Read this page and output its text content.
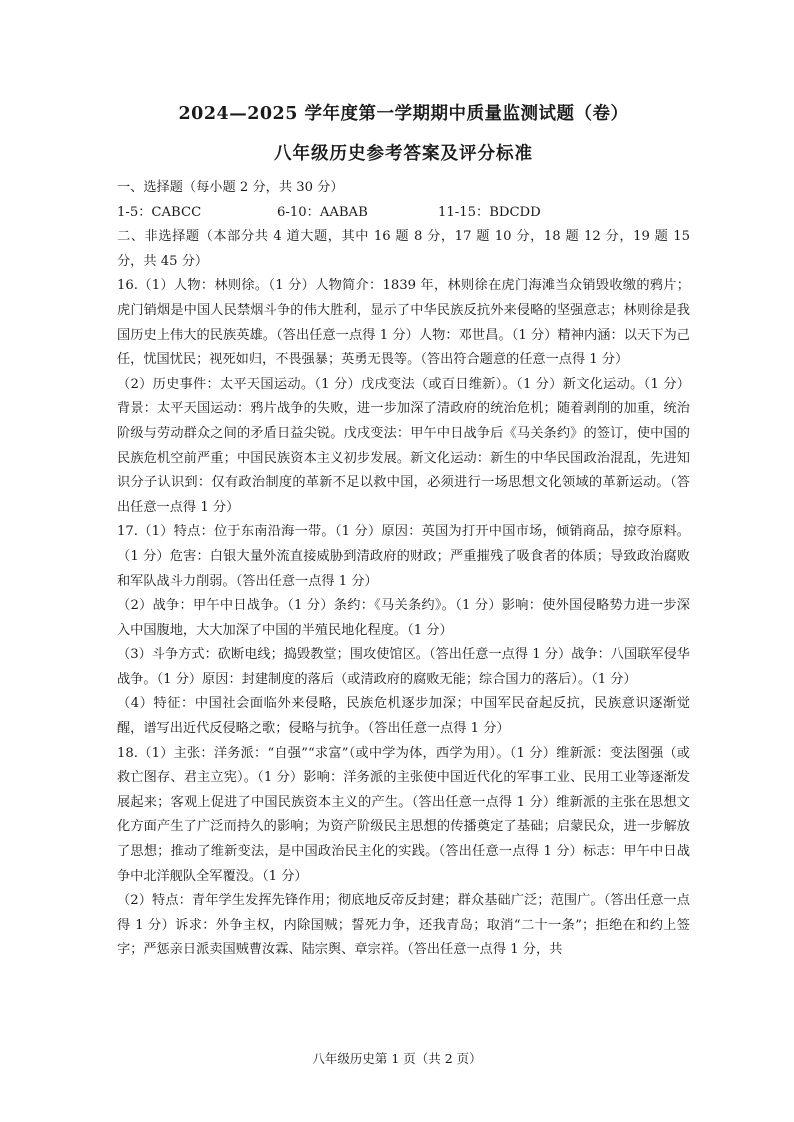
2024—2025 学年度第一学期期中质量监测试题（卷）
八年级历史参考答案及评分标准

一、选择题（每小题 2 分，共 30 分）

1-5：CABCC	6-10：AABAB	11-15：BDCDD

二、非选择题（本部分共 4 道大题，其中 16 题 8 分，17 题 10 分，18 题 12 分，19 题 15 分，共 45 分）

16.（1）人物：林则徐。（1 分）人物简介：1839 年，林则徐在虎门海滩当众销毁收缴的鸦片；虎门销烟是中国人民禁烟斗争的伟大胜利，显示了中华民族反抗外来侵略的坚强意志；林则徐是我国历史上伟大的民族英雄。（答出任意一点得 1 分）人物：邓世昌。（1 分）精神内涵：以天下为己任，忧国忧民；视死如归，不畏强暴；英勇无畏等。（答出符合题意的任意一点得 1 分）

（2）历史事件：太平天国运动。（1 分）戊戌变法（或百日维新）。（1 分）新文化运动。（1 分）背景：太平天国运动：鸦片战争的失败，进一步加深了清政府的统治危机；随着剥削的加重，统治阶级与劳动群众之间的矛盾日益尖锐。戊戌变法：甲午中日战争后《马关条约》的签订，使中国的民族危机空前严重；中国民族资本主义初步发展。新文化运动：新生的中华民国政治混乱，先进知识分子认识到：仅有政治制度的革新不足以救中国，必须进行一场思想文化领域的革新运动。（答出任意一点得 1 分）

17.（1）特点：位于东南沿海一带。（1 分）原因：英国为打开中国市场，倾销商品，掠夺原料。（1 分）危害：白银大量外流直接威胁到清政府的财政；严重摧残了吸食者的体质；导致政治腐败和军队战斗力削弱。（答出任意一点得 1 分）

（2）战争：甲午中日战争。（1 分）条约：《马关条约》。（1 分）影响：使外国侵略势力进一步深入中国腹地，大大加深了中国的半殖民地化程度。（1 分）

（3）斗争方式：砍断电线；捣毁教堂；围攻使馆区。（答出任意一点得 1 分）战争：八国联军侵华战争。（1 分）原因：封建制度的落后（或清政府的腐败无能；综合国力的落后）。（1 分）

（4）特征：中国社会面临外来侵略，民族危机逐步加深；中国军民奋起反抗，民族意识逐渐觉醒，谱写出近代反侵略之歌；侵略与抗争。（答出任意一点得 1 分）

18.（1）主张：洋务派：“自强”“求富”（或中学为体，西学为用）。（1 分）维新派：变法图强（或救亡图存、君主立宪）。（1 分）影响：洋务派的主张使中国近代化的军事工业、民用工业等逐渐发展起来；客观上促进了中国民族资本主义的产生。（答出任意一点得 1 分）维新派的主张在思想文化方面产生了广泛而持久的影响；为资产阶级民主思想的传播奠定了基础；启蒙民众，进一步解放了思想；推动了维新变法，是中国政治民主化的实践。（答出任意一点得 1 分）标志：甲午中日战争中北洋舰队全军覆没。（1 分）

（2）特点：青年学生发挥先锋作用；彻底地反帝反封建；群众基础广泛；范围广。（答出任意一点得 1 分）诉求：外争主权，内除国贼；誓死力争，还我青岛；取消“二十一条”；拒绝在和约上签字；严惩亲日派卖国贼曹汝霖、陆宗舆、章宗祥。（答出任意一点得 1 分，共

八年级历史第 1 页（共 2 页）
